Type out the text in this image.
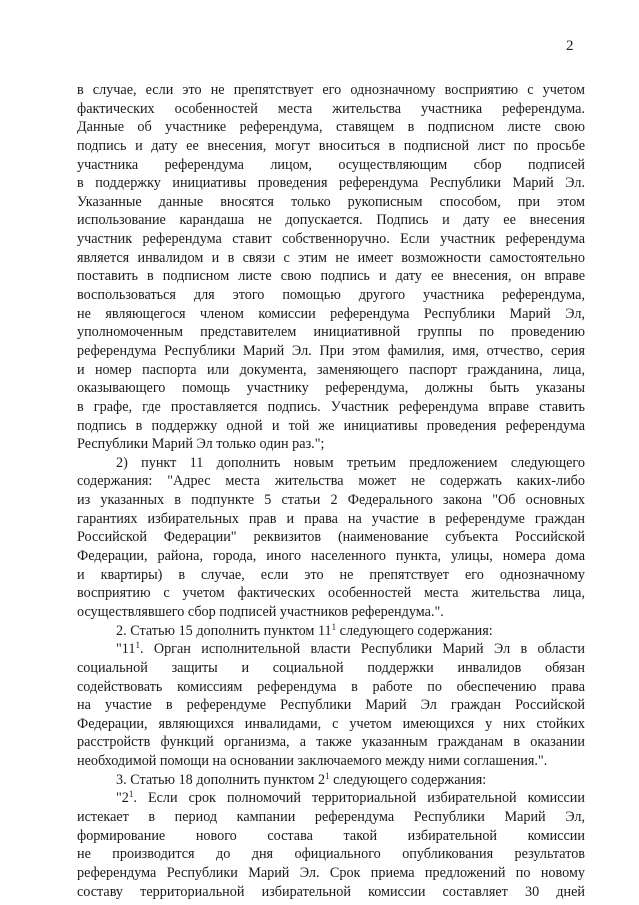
2
в случае, если это не препятствует его однозначному восприятию с учетом
фактических особенностей места жительства участника референдума.
Данные об участнике референдума, ставящем в подписном листе свою
подпись и дату ее внесения, могут вноситься в подписной лист по просьбе
участника референдума лицом, осуществляющим сбор подписей
в поддержку инициативы проведения референдума Республики Марий Эл.
Указанные данные вносятся только рукописным способом, при этом
использование карандаша не допускается. Подпись и дату ее внесения
участник референдума ставит собственноручно. Если участник референдума
является инвалидом и в связи с этим не имеет возможности самостоятельно
поставить в подписном листе свою подпись и дату ее внесения, он вправе
воспользоваться для этого помощью другого участника референдума,
не являющегося членом комиссии референдума Республики Марий Эл,
уполномоченным представителем инициативной группы по проведению
референдума Республики Марий Эл. При этом фамилия, имя, отчество, серия
и номер паспорта или документа, заменяющего паспорт гражданина, лица,
оказывающего помощь участнику референдума, должны быть указаны
в графе, где проставляется подпись. Участник референдума вправе ставить
подпись в поддержку одной и той же инициативы проведения референдума
Республики Марий Эл только один раз.";
2) пункт 11 дополнить новым третьим предложением следующего
содержания: "Адрес места жительства может не содержать каких-либо
из указанных в подпункте 5 статьи 2 Федерального закона "Об основных
гарантиях избирательных прав и права на участие в референдуме граждан
Российской Федерации" реквизитов (наименование субъекта Российской
Федерации, района, города, иного населенного пункта, улицы, номера дома
и квартиры) в случае, если это не препятствует его однозначному
восприятию с учетом фактических особенностей места жительства лица,
осуществлявшего сбор подписей участников референдума.".
2. Статью 15 дополнить пунктом $11^1$ следующего содержания:
"$11^1$. Орган исполнительной власти Республики Марий Эл в области
социальной защиты и социальной поддержки инвалидов обязан
содействовать комиссиям референдума в работе по обеспечению права
на участие в референдуме Республики Марий Эл граждан Российской
Федерации, являющихся инвалидами, с учетом имеющихся у них стойких
расстройств функций организма, а также указанным гражданам в оказании
необходимой помощи на основании заключаемого между ними соглашения.".
3. Статью 18 дополнить пунктом $2^1$ следующего содержания:
"$2^1$. Если срок полномочий территориальной избирательной комиссии
истекает в период кампании референдума Республики Марий Эл,
формирование нового состава такой избирательной комиссии
не производится до дня официального опубликования результатов
референдума Республики Марий Эл. Срок приема предложений по новому
составу территориальной избирательной комиссии составляет 30 дней
